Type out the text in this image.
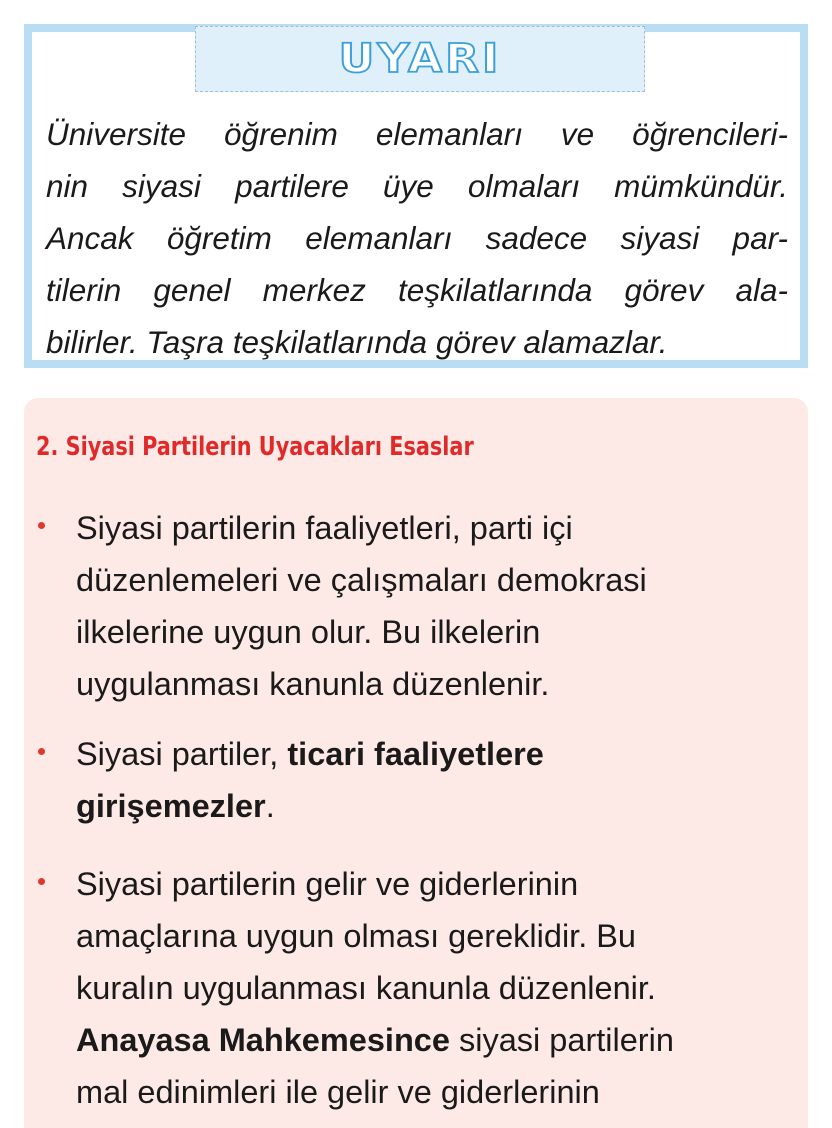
UYARI

Üniversite öğrenim elemanları ve öğrencileri-
nin siyasi partilere üye olmaları mümkündür.
Ancak öğretim elemanları sadece siyasi par-
tilerin genel merkez teşkilatlarında görev ala-
bilirler. Taşra teşkilatlarında görev alamazlar.

2. Siyasi Partilerin Uyacakları Esaslar
Siyasi partilerin faaliyetleri, parti içi
düzenlemeleri ve çalışmaları demokrasi
ilkelerine uygun olur. Bu ilkelerin
uygulanması kanunla düzenlenir.
Siyasi partiler, ticari faaliyetlere
girişemezler.
Siyasi partilerin gelir ve giderlerinin
amaçlarına uygun olması gereklidir. Bu
kuralın uygulanması kanunla düzenlenir.
Anayasa Mahkemesince siyasi partilerin
mal edinimleri ile gelir ve giderlerinin
